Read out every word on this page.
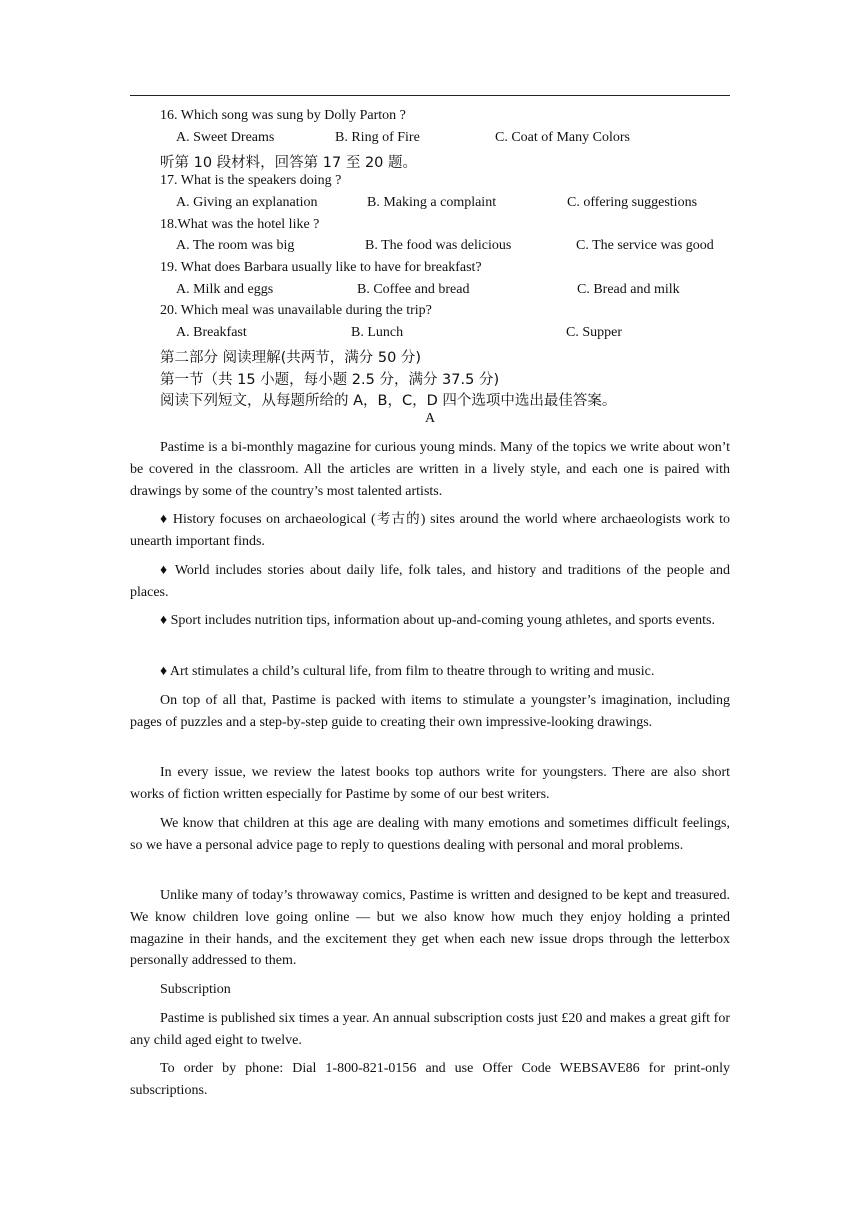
16. Which song was sung by Dolly Parton ?
A. Sweet Dreams	B. Ring of Fire	C. Coat of Many Colors
听第 10 段材料，回答第 17 至 20 题。
17. What is the speakers doing ?
A. Giving an explanation	B. Making a complaint	C. offering suggestions
18.What was the hotel like ?
A. The room was big	B. The food was delicious	C. The service was good
19. What does Barbara usually like to have for breakfast?
A. Milk and eggs	B. Coffee and bread	C. Bread and milk
20. Which meal was unavailable during the trip?
A. Breakfast	B. Lunch	C. Supper
第二部分 阅读理解(共两节，满分 50 分)
第一节（共 15 小题，每小题 2.5 分，满分 37.5 分)
阅读下列短文，从每题所给的 A，B，C，D 四个选项中选出最佳答案。
A
Pastime is a bi-monthly magazine for curious young minds. Many of the topics we write about won’t be covered in the classroom. All the articles are written in a lively style, and each one is paired with drawings by some of the country’s most talented artists.
♦ History focuses on archaeological (考古的) sites around the world where archaeologists work to unearth important finds.
♦ World includes stories about daily life, folk tales, and history and traditions of the people and places.
♦ Sport includes nutrition tips, information about up-and-coming young athletes, and sports events.
♦ Art stimulates a child’s cultural life, from film to theatre through to writing and music.
On top of all that, Pastime is packed with items to stimulate a youngster’s imagination, including pages of puzzles and a step-by-step guide to creating their own impressive-looking drawings.
In every issue, we review the latest books top authors write for youngsters. There are also short works of fiction written especially for Pastime by some of our best writers.
We know that children at this age are dealing with many emotions and sometimes difficult feelings, so we have a personal advice page to reply to questions dealing with personal and moral problems.
Unlike many of today’s throwaway comics, Pastime is written and designed to be kept and treasured. We know children love going online — but we also know how much they enjoy holding a printed magazine in their hands, and the excitement they get when each new issue drops through the letterbox personally addressed to them.
Subscription
Pastime is published six times a year. An annual subscription costs just £20 and makes a great gift for any child aged eight to twelve.
To order by phone: Dial 1-800-821-0156 and use Offer Code WEBSAVE86 for print-only subscriptions.
